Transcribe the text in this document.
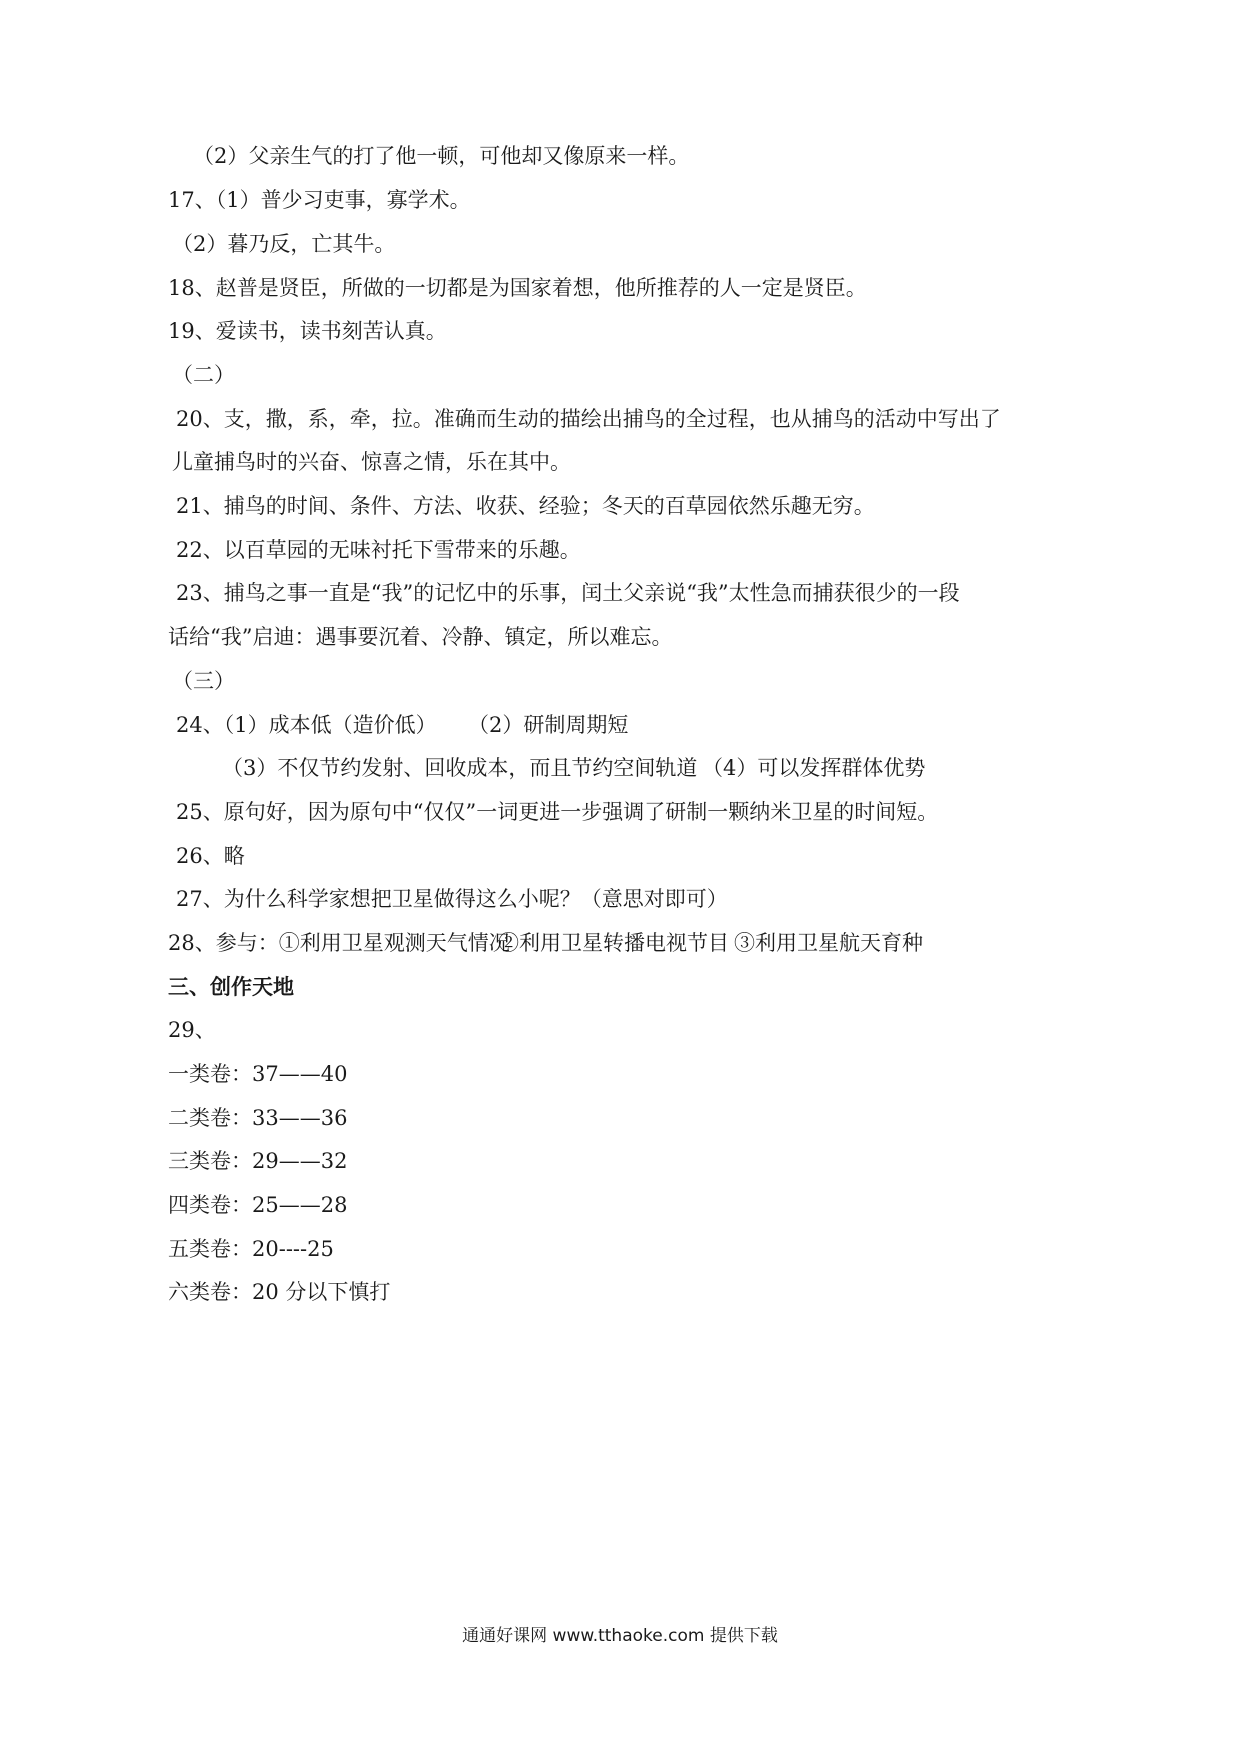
（2）父亲生气的打了他一顿，可他却又像原来一样。
17、（1）普少习吏事，寡学术。
（2）暮乃反，亡其牛。
18、赵普是贤臣，所做的一切都是为国家着想，他所推荐的人一定是贤臣。
19、爱读书，读书刻苦认真。
（二）
20、支，撒，系，牵，拉。准确而生动的描绘出捕鸟的全过程，也从捕鸟的活动中写出了
儿童捕鸟时的兴奋、惊喜之情，乐在其中。
21、捕鸟的时间、条件、方法、收获、经验；冬天的百草园依然乐趣无穷。
22、以百草园的无味衬托下雪带来的乐趣。
23、捕鸟之事一直是“我”的记忆中的乐事，闰土父亲说“我”太性急而捕获很少的一段
话给“我”启迪：遇事要沉着、冷静、镇定，所以难忘。
（三）
24、（1）成本低（造价低） （2）研制周期短
（3）不仅节约发射、回收成本，而且节约空间轨道 （4）可以发挥群体优势
25、原句好，因为原句中“仅仅”一词更进一步强调了研制一颗纳米卫星的时间短。
26、略
27、为什么科学家想把卫星做得这么小呢？（意思对即可）
28、参与：①利用卫星观测天气情况
②利用卫星转播电视节目 ③利用卫星航天育种
三、创作天地
29、
一类卷：37——40
二类卷：33——36
三类卷：29——32
四类卷：25——28
五类卷：20----25
六类卷：20 分以下慎打
通通好课网 www.tthaoke.com 提供下载
